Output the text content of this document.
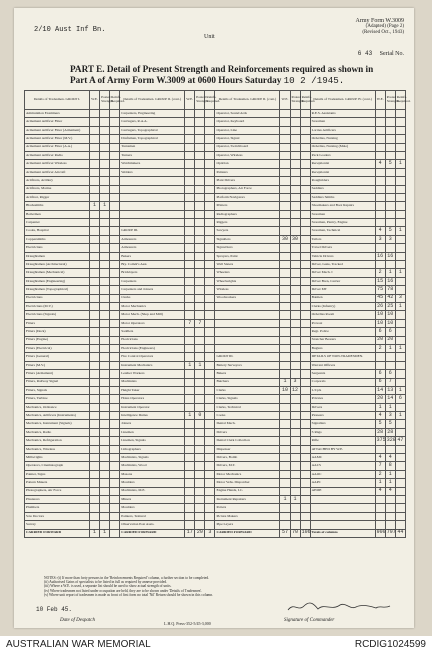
2/10 Aust Inf Bn.
Unit
Army Form W.3009
(Adapted) (Page 2)
(Revised Oct., 1943)
6 43 Serial No.
PART E. Detail of Present Strength and Reinforcements required as shown in Part A of Army Form W.3009 at 0600 Hours Saturday 10 2 /1945.
Details of Tradesmen. GROUP I.	W.E.	Posted Strength.	Reinfs. Required.	Details of Tradesmen. GROUP II. (cont.)	W.E.	Posted Strength.	Reinfs. Required.	Details of Tradesmen. GROUP II. (cont.)	W.E.	Posted Strength.	Reinfs. Required.	Details of Tradesmen. GROUP IV. (cont.)	W.E.	Posted Strength.	Reinfs. Required.
Ammunition Examiners				Carpenters, Engineering				Operator, Sound Ards				R.E.S. Assistants			
Armament Artificer Fitter				Carriagers, R.A.A.				Operator, Keyboard				Storemen			
Armament Artificer Fitter (Armament)				Carriagers, Topographical				Operator, Line				Lorries Artificers			
Armament Artificer Fitter (M.V.)				Draftsmen, Topographical				Operator, Signal				Orderlies, Nursing			
Armament Artificer Fitter (A.A.)				Turnsmen				Operator, Switchboard				Orderlies, Nursing (Male)			
Armament Artificer Radio				Turners				Operator, Wireless				Pack Loaders			
Armament Artificer Wireless				Watchmakers				Optician				Receptionist	4	5	1
Armament Artificer Aircraft				Welders				Painters				Receptionist			
Artificers, Artillery								Plant Drivers				Roughriders			
Artificers, Marine								Photographers, Air Force				Saddlers			
Artificer, Rigger								Platform Navigators				Saddlers Smiths			
Blacksmiths	1	1						Printers				Shoemakers and Boot Repairs			
Boilermen								Radiographers				Storemen			
Carpenter								Riggers				Storemen, Pantry, Engine			
Cooks, Hospital				GROUP III.				Sawyers				Storemen, Technical	4	5	1
Coppersmiths				Armourers				Signallers	30	30		Tailors	3	3	
Electricians				Armourers				Signwriters				Travel Drivers			
Draughtsmen				Bakers				Sprayers, Paint				Vehicle Drivers	16	16	
Draughtsmen (Architectural)				Bty. Comdr's Asst.				Wall Sisters				Driver, Guns, Tracked			
Draughtsmen (Mechanical)				Bricklayers				Wheelers				Driver Mech. I	2	1	1
Draughtsmen (Engineering)				Carpenters				Wheelwrights				Driver Bren, Carrier	15	16	
Draughtsmen (Topographical)				Carpenters and Joiners				Wireless				Driver MT	75	78	
Electricians				Clerks				Woodworkers				Batmen	45	42	3
Electricians (M.V.)				Motor Mechanics								Clerks (Infantry)	26	25	1
Electricians (Signals)				Motor Mech. (Shop and Mill)								Orderlies Room	10	10	
Fitters				Motor Operators	7	7						Provost	10	10	
Fitters (Deck)				Saddlers								Regt. Police	6	6	
Fitters (Engine)				Electricians								Stretcher Bearers	20	20	
Fitters (Electrical)				Electricians (Engineers)								Buglers	2	1	1
Fitters (General)				Fire Control Operators				GROUP III.				DETAILS OF NON-TRADESMEN.			
Fitters (M.V.)				Instrument Mechanics	1	1		Battery Surveyors				Warrant Officers			
Fitters (Armament)				Leather Workers				Bakers				Sergeants	6	6	
Fitters, Railway Signal				Machinists				Butchers	1	3		Corporals	6	7	
Fitters, Signals				Height Taker				Clerks	10	12		L/Cpls	14	13	1
Fitters, Turbine				Holes Operators				Clerks, Signals				Privates	20	14	6
Mechanics, Ordnance				Instrument Operator				Clerks, Technical				Drivers	1	1	
Mechanics, Artificers (Instruments)				Intelligence Duties	1	0		Cooks				Pioneers	4	3	1
Mechanics, Instrument (Signals)				Joiners				Dental Mech.				Signallers	5	5	
Mechanics, Radio				Linemen				Drivers				S Rngs	28	28	
Mechanics, Refrigeration				Linemen, Signals				Dental Clerk Collection				Rifle	375	328	47
Mechanics, Wireless				Lithographers				Dispenser				ATTACHED BY W.E.			
Millwrights				Machinists, Signals				Drivers, Bomb				AAMC	4	4	
Operators, Cinematograph				Machinists, Wood				Drivers, M.T.				AACS	7	8	
Painter, Signs				Masons				Motor Mechanics				AAOC	2	1	
Pattern Makers				Moulders				Motor Vehs. Dispatcher				AAPC	1	1	
Photographers, Air Force				Machinists, M.E.				Engine Hands, I.C.				AEME	4	4	
Plasterers				Miners				Instrument Repairers	1	1					
Plumbers				Moulders				Potters							
Saw Doctors				Painters, Textural				Picture Makers							
Survey				Observation Post Assts.				Pipe Layers							
CARRIED FORWARD	1	1		CARRIED FORWARD	17	20	3	CARRIED FORWARD	57	70	106	Totals of columns	900	797	44
NOTES.-(i) If more than forty persons in the 'Reinforcements Required' column, a further section to be completed.
(ii) Authorised Gains of specialists to be listed in full as required by annexe provided.
(iii) Where a W.E. is used, a separate list should be used to show actual strength of units.
(iv) Where tradesmen not listed under occupation are held, they are to be shown under 'Details of Tradesmen'.
(v) Where unit report of tradesmen is made as front of first form no total 'Nil' Return should be shown in this column.
10 Feb 45.
Date of Despatch	Signature of Commander
L.H.Q. Press-352-5/45-3,000
AUSTRALIAN WAR MEMORIAL	RCDIG1024599
